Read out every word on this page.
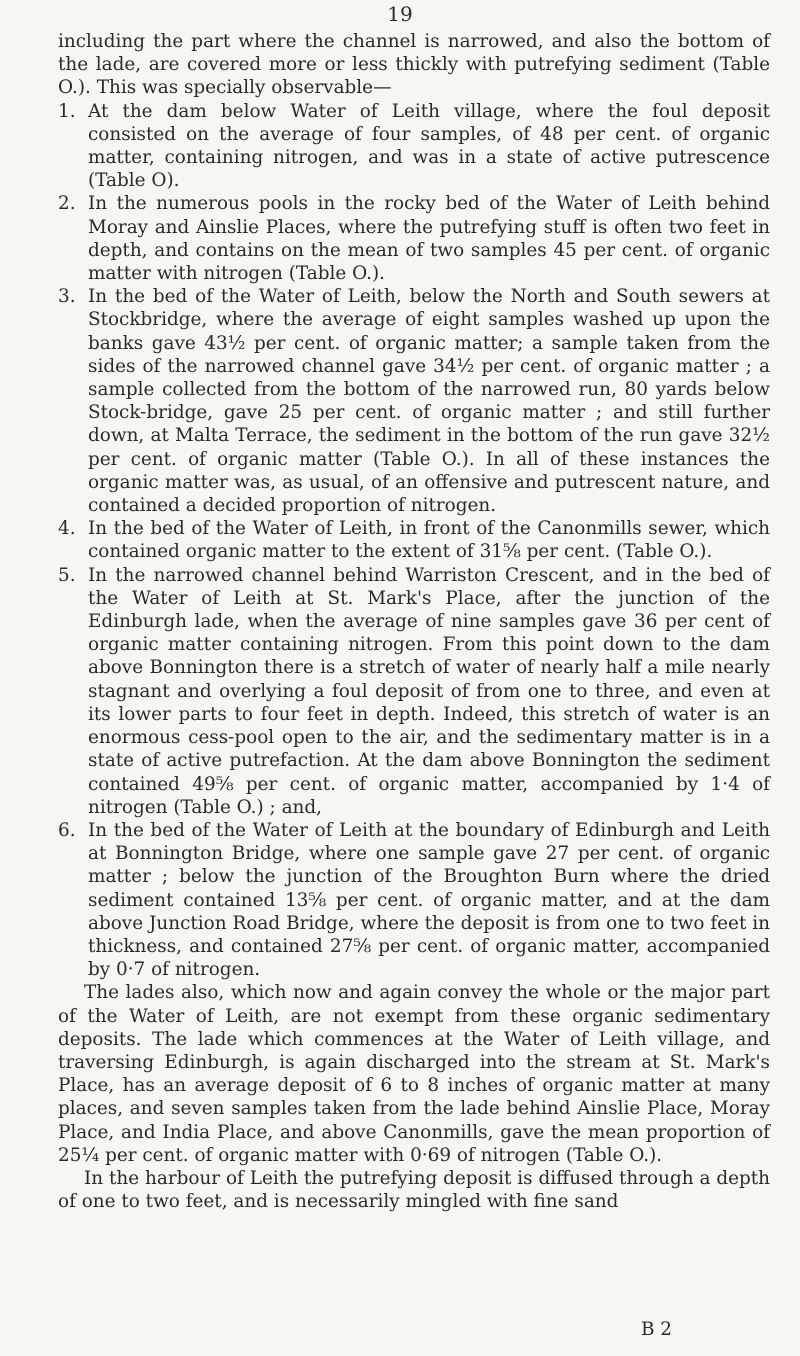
19

including the part where the channel is narrowed, and also the bottom of the lade, are covered more or less thickly with putrefying sediment (Table O.). This was specially observable—

1. At the dam below Water of Leith village, where the foul deposit consisted on the average of four samples, of 48 per cent. of organic matter, containing nitrogen, and was in a state of active putrescence (Table O).
2. In the numerous pools in the rocky bed of the Water of Leith behind Moray and Ainslie Places, where the putrefying stuff is often two feet in depth, and contains on the mean of two samples 45 per cent. of organic matter with nitrogen (Table O.).
3. In the bed of the Water of Leith, below the North and South sewers at Stockbridge, where the average of eight samples washed up upon the banks gave 43½ per cent. of organic matter; a sample taken from the sides of the narrowed channel gave 34½ per cent. of organic matter ; a sample collected from the bottom of the narrowed run, 80 yards below Stock-bridge, gave 25 per cent. of organic matter ; and still further down, at Malta Terrace, the sediment in the bottom of the run gave 32½ per cent. of organic matter (Table O.). In all of these instances the organic matter was, as usual, of an offensive and putrescent nature, and contained a decided proportion of nitrogen.
4. In the bed of the Water of Leith, in front of the Canonmills sewer, which contained organic matter to the extent of 31⅝ per cent. (Table O.).
5. In the narrowed channel behind Warriston Crescent, and in the bed of the Water of Leith at St. Mark's Place, after the junction of the Edinburgh lade, when the average of nine samples gave 36 per cent of organic matter containing nitrogen. From this point down to the dam above Bonnington there is a stretch of water of nearly half a mile nearly stagnant and overlying a foul deposit of from one to three, and even at its lower parts to four feet in depth. Indeed, this stretch of water is an enormous cess-pool open to the air, and the sedimentary matter is in a state of active putrefaction. At the dam above Bonnington the sediment contained 49⅝ per cent. of organic matter, accompanied by 1·4 of nitrogen (Table O.) ; and,
6. In the bed of the Water of Leith at the boundary of Edinburgh and Leith at Bonnington Bridge, where one sample gave 27 per cent. of organic matter ; below the junction of the Broughton Burn where the dried sediment contained 13⅝ per cent. of organic matter, and at the dam above Junction Road Bridge, where the deposit is from one to two feet in thickness, and contained 27⅝ per cent. of organic matter, accompanied by 0·7 of nitrogen.

The lades also, which now and again convey the whole or the major part of the Water of Leith, are not exempt from these organic sedimentary deposits. The lade which commences at the Water of Leith village, and traversing Edinburgh, is again discharged into the stream at St. Mark's Place, has an average deposit of 6 to 8 inches of organic matter at many places, and seven samples taken from the lade behind Ainslie Place, Moray Place, and India Place, and above Canonmills, gave the mean proportion of 25¼ per cent. of organic matter with 0·69 of nitrogen (Table O.).

In the harbour of Leith the putrefying deposit is diffused through a depth of one to two feet, and is necessarily mingled with fine sand

B 2
